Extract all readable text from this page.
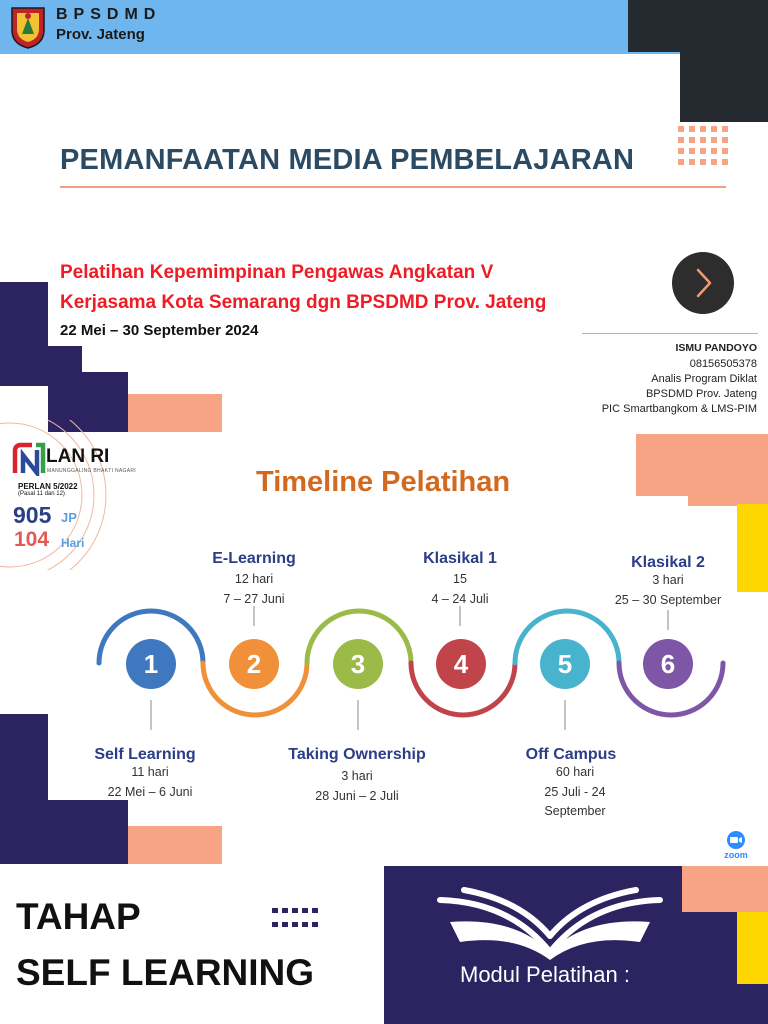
BPSDMD
Prov. Jateng
PEMANFAATAN MEDIA PEMBELAJARAN
Pelatihan Kepemimpinan Pengawas Angkatan V
Kerjasama Kota Semarang dgn BPSDMD Prov. Jateng
22 Mei – 30 September 2024
ISMU PANDOYO
08156505378
Analis Program Diklat
BPSDMD Prov. Jateng
PIC Smartbangkom & LMS-PIM
LAN RI
MANUNGGALING BHAKTI NAGARI
PERLAN 5/2022
(Pasal 11 dan 12)
905 JP
104 Hari
Timeline Pelatihan
E-Learning
12 hari
7 – 27 Juni
Klasikal 1
15
4 – 24 Juli
Klasikal 2
3 hari
25 – 30 September
1	2	3	4	5	6
Self Learning
11 hari
22 Mei – 6 Juni
Taking Ownership
3 hari
28 Juni – 2 Juli
Off Campus
60 hari
25 Juli - 24
September
zoom
TAHAP
SELF LEARNING	Modul Pelatihan :
